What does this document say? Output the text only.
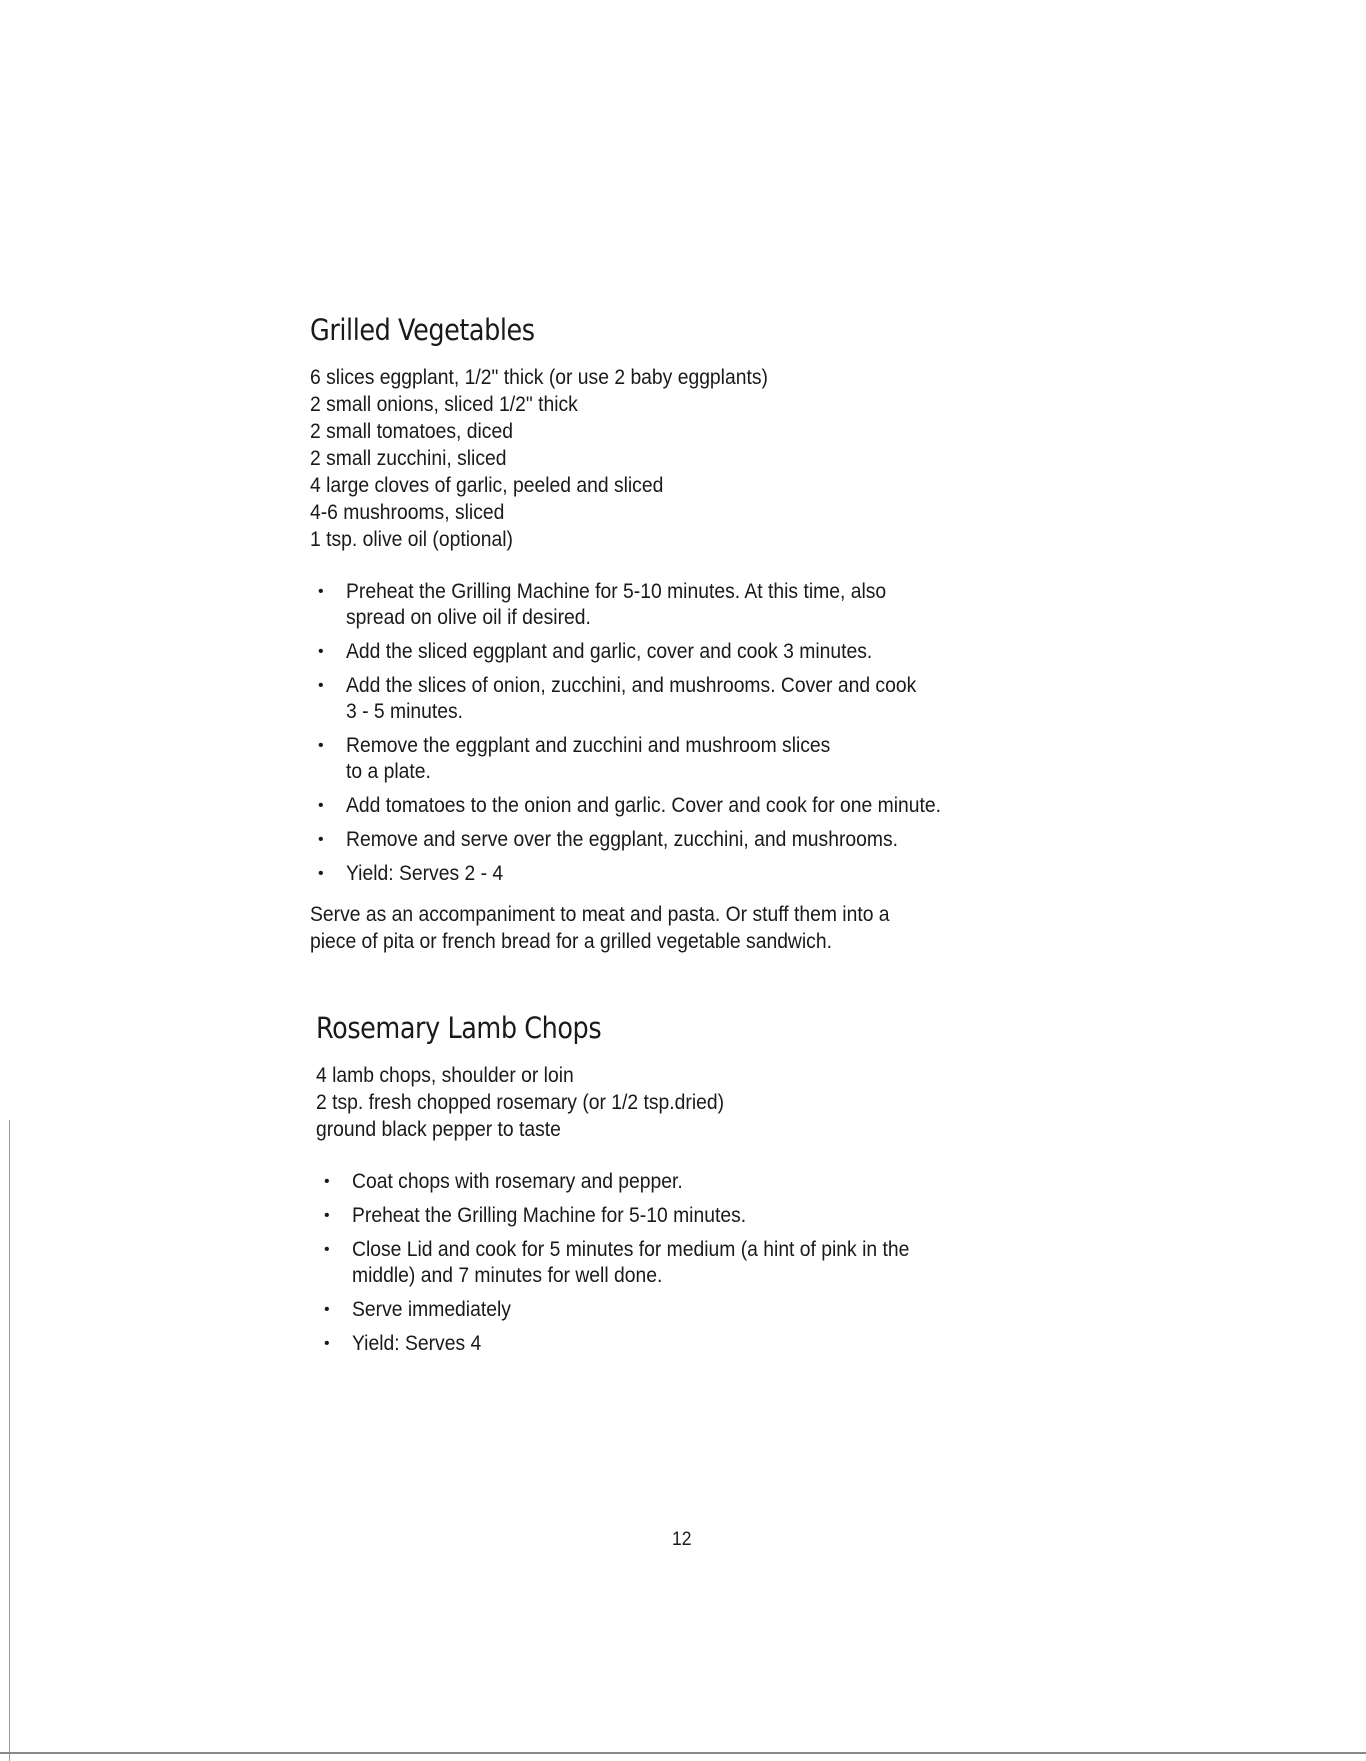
Grilled Vegetables
6 slices eggplant, 1/2" thick (or use 2 baby eggplants)
2 small onions, sliced 1/2" thick
2 small tomatoes, diced
2 small zucchini, sliced
4 large cloves of garlic, peeled and sliced
4-6 mushrooms, sliced
1 tsp. olive oil (optional)
• Preheat the Grilling Machine for 5-10 minutes. At this time, also
spread on olive oil if desired.
• Add the sliced eggplant and garlic, cover and cook 3 minutes.
• Add the slices of onion, zucchini, and mushrooms. Cover and cook
3 - 5 minutes.
• Remove the eggplant and zucchini and mushroom slices
to a plate.
• Add tomatoes to the onion and garlic. Cover and cook for one minute.
• Remove and serve over the eggplant, zucchini, and mushrooms.
• Yield: Serves 2 - 4

Serve as an accompaniment to meat and pasta. Or stuff them into a
piece of pita or french bread for a grilled vegetable sandwich.

Rosemary Lamb Chops
4 lamb chops, shoulder or loin
2 tsp. fresh chopped rosemary (or 1/2 tsp.dried)
ground black pepper to taste
• Coat chops with rosemary and pepper.
• Preheat the Grilling Machine for 5-10 minutes.
• Close Lid and cook for 5 minutes for medium (a hint of pink in the
middle) and 7 minutes for well done.
• Serve immediately
• Yield: Serves 4
12
